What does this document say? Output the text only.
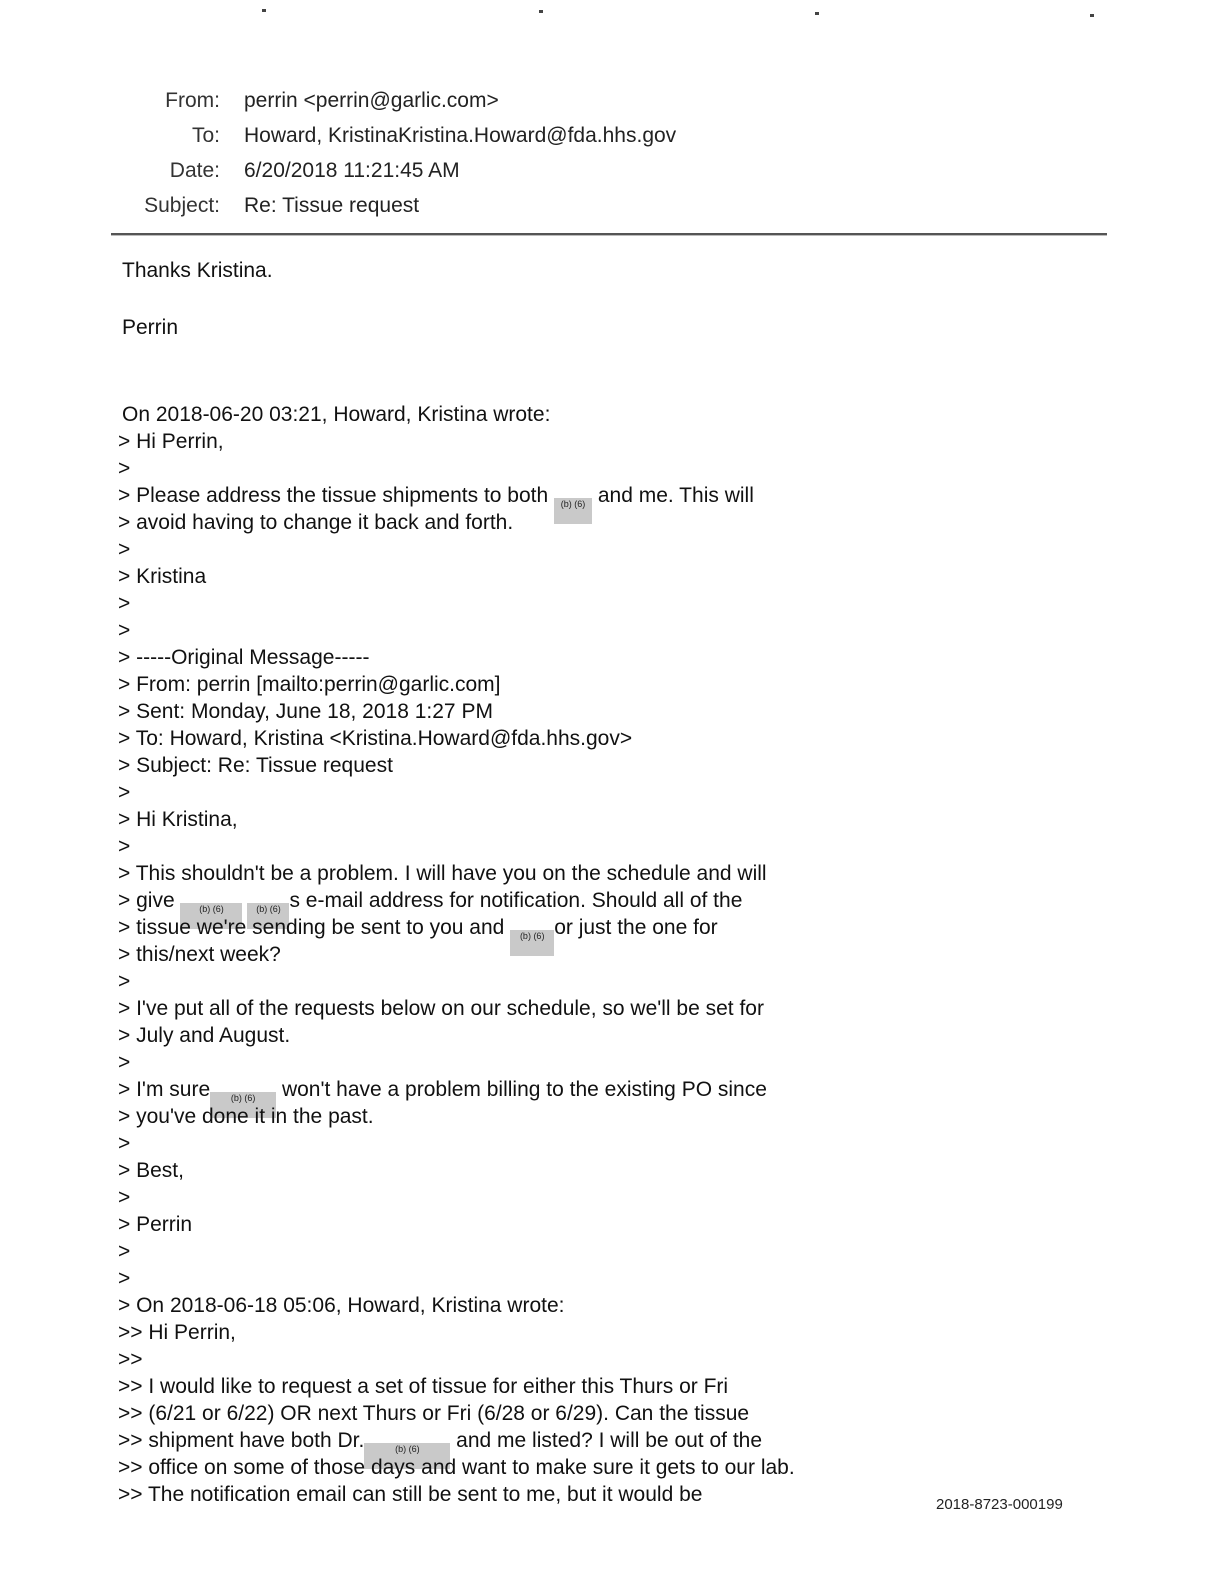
From: perrin <perrin@garlic.com>
To: Howard, KristinaKristina.Howard@fda.hhs.gov
Date: 6/20/2018 11:21:45 AM
Subject: Re: Tissue request
Thanks Kristina.
Perrin
On 2018-06-20 03:21, Howard, Kristina wrote:
> Hi Perrin,
>
> Please address the tissue shipments to both (b) (6) and me. This will
> avoid having to change it back and forth.
>
> Kristina
>
>
> -----Original Message-----
> From: perrin [mailto:perrin@garlic.com]
> Sent: Monday, June 18, 2018 1:27 PM
> To: Howard, Kristina <Kristina.Howard@fda.hhs.gov>
> Subject: Re: Tissue request
>
> Hi Kristina,
>
> This shouldn't be a problem. I will have you on the schedule and will
> give (b) (6)	(b) (6) s e-mail address for notification. Should all of the
> tissue we're sending be sent to you and (b) (6) or just the one for
> this/next week?
>
> I've put all of the requests below on our schedule, so we'll be set for
> July and August.
>
> I'm sure (b) (6) won't have a problem billing to the existing PO since
> you've done it in the past.
>
> Best,
>
> Perrin
>
>
> On 2018-06-18 05:06, Howard, Kristina wrote:
>> Hi Perrin,
>>
>> I would like to request a set of tissue for either this Thurs or Fri
>> (6/21 or 6/22) OR next Thurs or Fri (6/28 or 6/29). Can the tissue
>> shipment have both Dr.	(b) (6) and me listed? I will be out of the
>> office on some of those days and want to make sure it gets to our lab.
>> The notification email can still be sent to me, but it would be	2018-8723-000199
